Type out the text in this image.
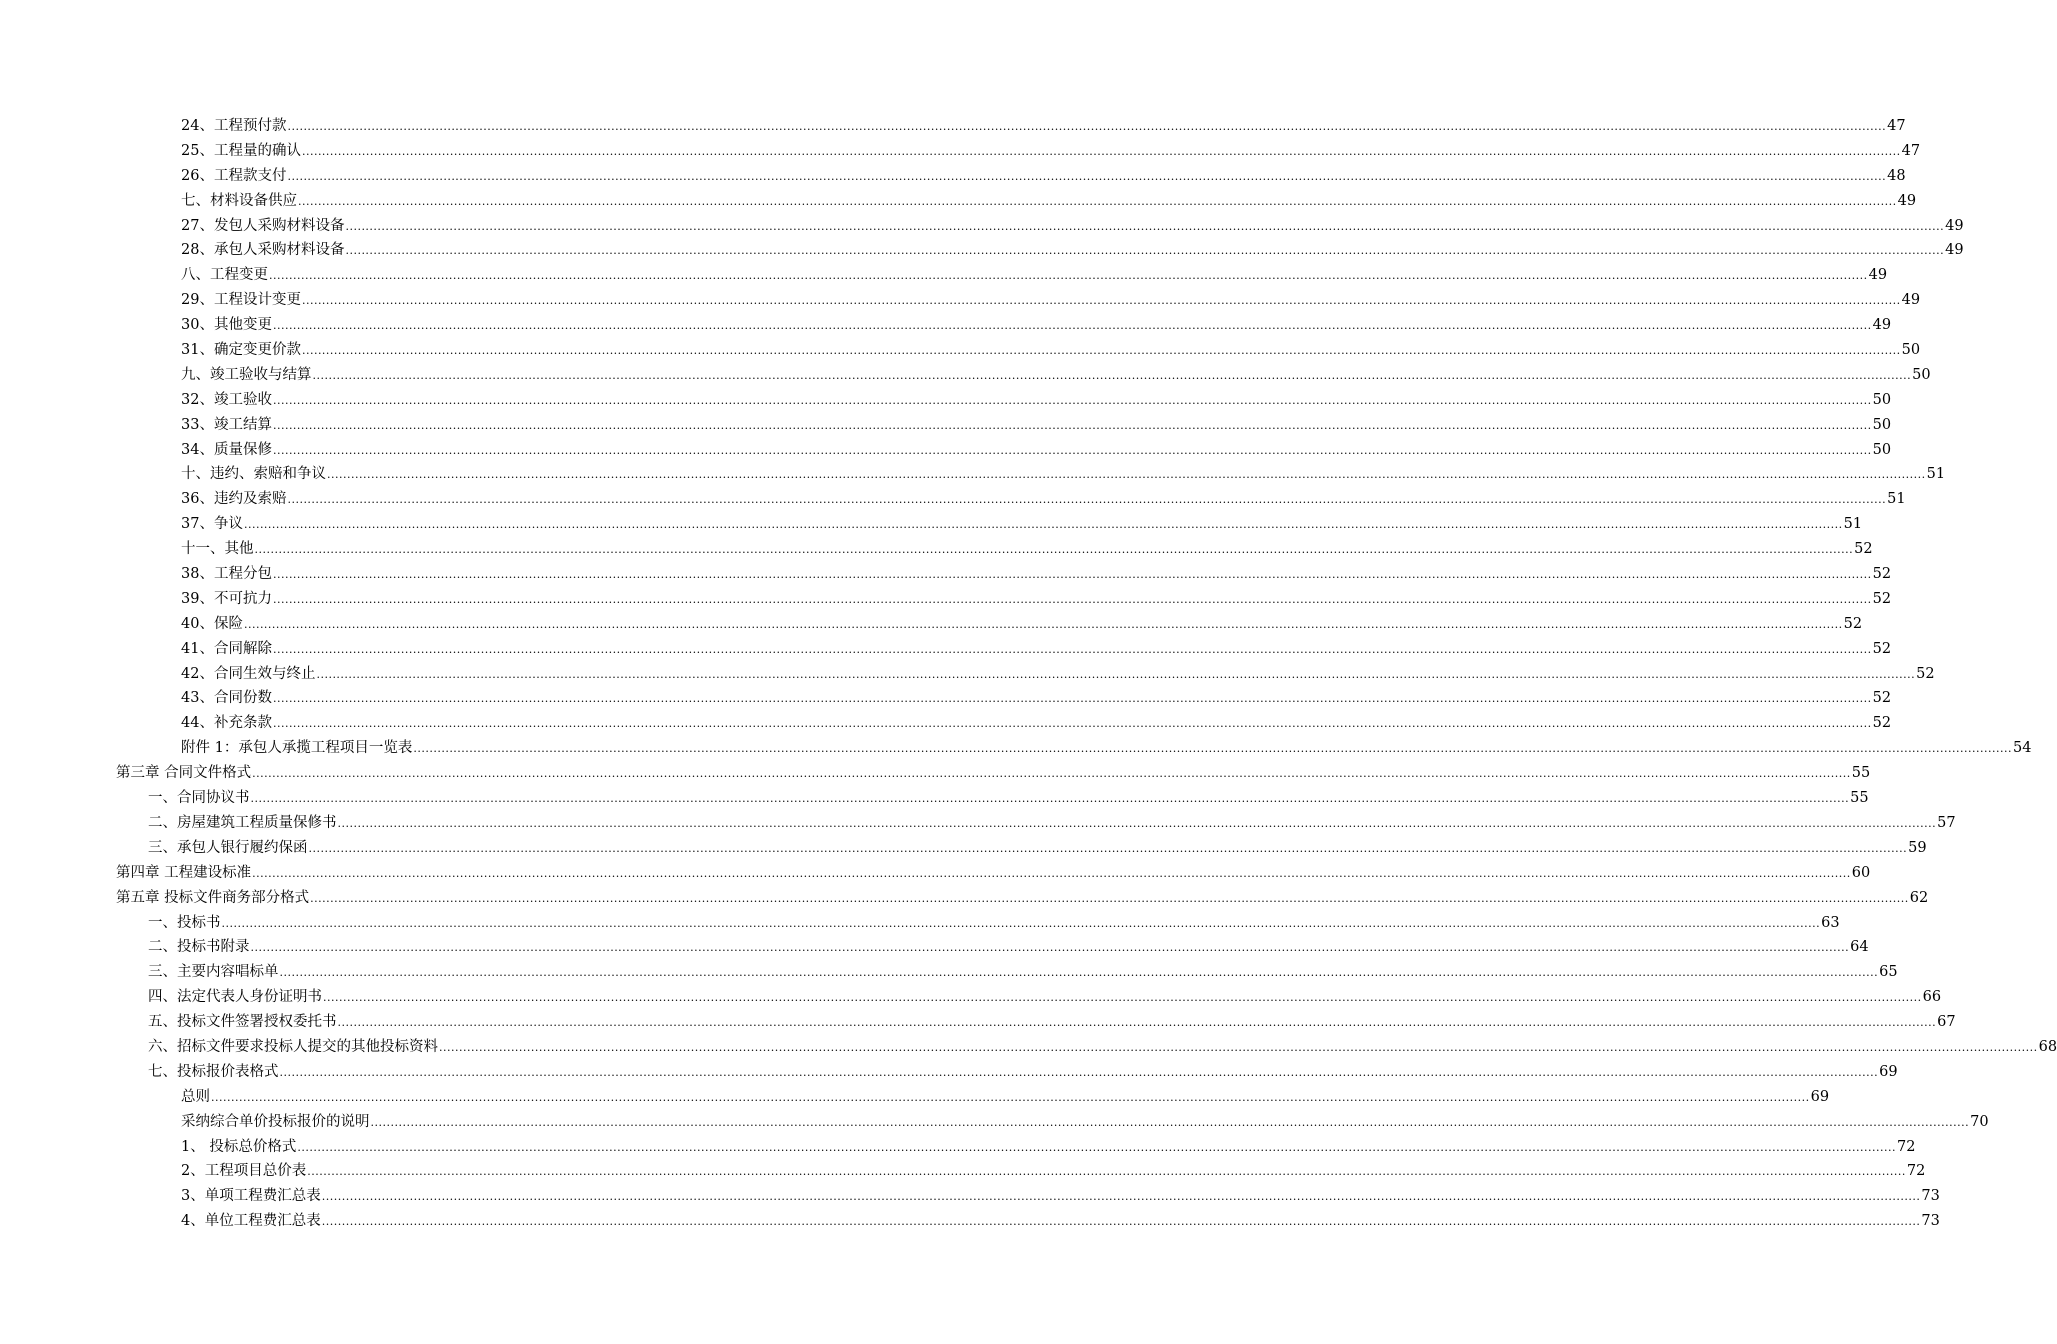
24、工程预付款 ................................................................................................................................................................................................................................................................................................................................................................................................................ 47
25、工程量的确认 ................................................................................................................................................................................................................................................................................................................................................................................................................ 47
26、工程款支付 ................................................................................................................................................................................................................................................................................................................................................................................................................ 48
七、材料设备供应 ................................................................................................................................................................................................................................................................................................................................................................................................................ 49
27、发包人采购材料设备 ................................................................................................................................................................................................................................................................................................................................................................................................................ 49
28、承包人采购材料设备 ................................................................................................................................................................................................................................................................................................................................................................................................................ 49
八、工程变更 ................................................................................................................................................................................................................................................................................................................................................................................................................ 49
29、工程设计变更 ................................................................................................................................................................................................................................................................................................................................................................................................................ 49
30、其他变更 ................................................................................................................................................................................................................................................................................................................................................................................................................ 49
31、确定变更价款 ................................................................................................................................................................................................................................................................................................................................................................................................................ 50
九、竣工验收与结算 ................................................................................................................................................................................................................................................................................................................................................................................................................ 50
32、竣工验收 ................................................................................................................................................................................................................................................................................................................................................................................................................ 50
33、竣工结算 ................................................................................................................................................................................................................................................................................................................................................................................................................ 50
34、质量保修 ................................................................................................................................................................................................................................................................................................................................................................................................................ 50
十、违约、索赔和争议 ................................................................................................................................................................................................................................................................................................................................................................................................................ 51
36、违约及索赔 ................................................................................................................................................................................................................................................................................................................................................................................................................ 51
37、争议 ................................................................................................................................................................................................................................................................................................................................................................................................................ 51
十一、其他 ................................................................................................................................................................................................................................................................................................................................................................................................................ 52
38、工程分包 ................................................................................................................................................................................................................................................................................................................................................................................................................ 52
39、不可抗力 ................................................................................................................................................................................................................................................................................................................................................................................................................ 52
40、保险 ................................................................................................................................................................................................................................................................................................................................................................................................................ 52
41、合同解除 ................................................................................................................................................................................................................................................................................................................................................................................................................ 52
42、合同生效与终止 ................................................................................................................................................................................................................................................................................................................................................................................................................ 52
43、合同份数 ................................................................................................................................................................................................................................................................................................................................................................................................................ 52
44、补充条款 ................................................................................................................................................................................................................................................................................................................................................................................................................ 52
附件 1：承包人承揽工程项目一览表 ................................................................................................................................................................................................................................................................................................................................................................................................................ 54
第三章 合同文件格式 ................................................................................................................................................................................................................................................................................................................................................................................................................ 55
一、合同协议书 ................................................................................................................................................................................................................................................................................................................................................................................................................ 55
二、房屋建筑工程质量保修书 ................................................................................................................................................................................................................................................................................................................................................................................................................ 57
三、承包人银行履约保函 ................................................................................................................................................................................................................................................................................................................................................................................................................ 59
第四章 工程建设标准 ................................................................................................................................................................................................................................................................................................................................................................................................................ 60
第五章 投标文件商务部分格式 ................................................................................................................................................................................................................................................................................................................................................................................................................ 62
一、投标书 ................................................................................................................................................................................................................................................................................................................................................................................................................ 63
二、投标书附录 ................................................................................................................................................................................................................................................................................................................................................................................................................ 64
三、主要内容唱标单 ................................................................................................................................................................................................................................................................................................................................................................................................................ 65
四、法定代表人身份证明书 ................................................................................................................................................................................................................................................................................................................................................................................................................ 66
五、投标文件签署授权委托书 ................................................................................................................................................................................................................................................................................................................................................................................................................ 67
六、招标文件要求投标人提交的其他投标资料 ................................................................................................................................................................................................................................................................................................................................................................................................................ 68
七、投标报价表格式 ................................................................................................................................................................................................................................................................................................................................................................................................................ 69
总则 ................................................................................................................................................................................................................................................................................................................................................................................................................ 69
采纳综合单价投标报价的说明 ................................................................................................................................................................................................................................................................................................................................................................................................................ 70
1、 投标总价格式 ................................................................................................................................................................................................................................................................................................................................................................................................................ 72
2、工程项目总价表 ................................................................................................................................................................................................................................................................................................................................................................................................................ 72
3、单项工程费汇总表 ................................................................................................................................................................................................................................................................................................................................................................................................................ 73
4、单位工程费汇总表 ................................................................................................................................................................................................................................................................................................................................................................................................................ 73
